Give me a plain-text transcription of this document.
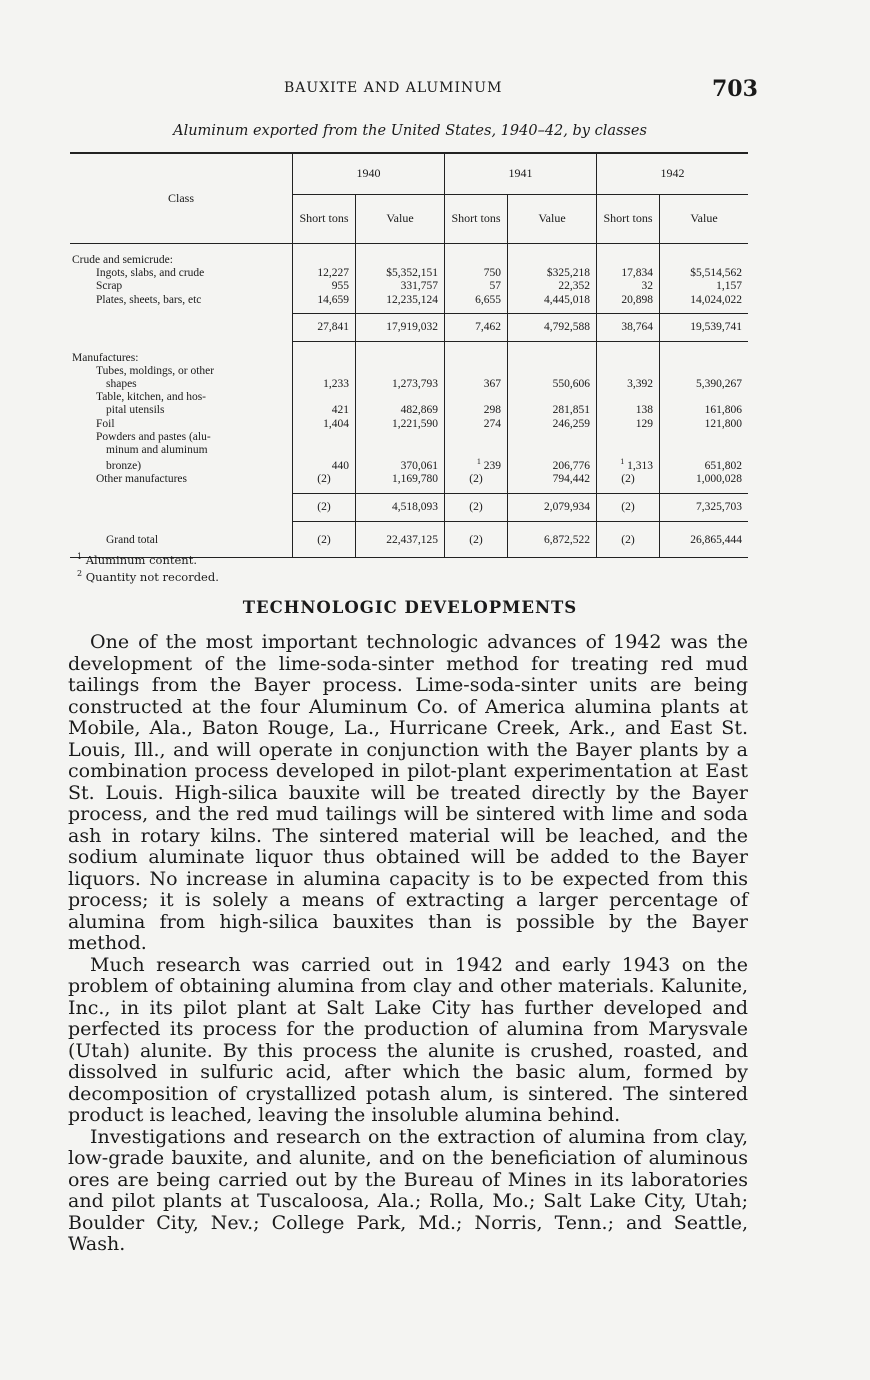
BAUXITE AND ALUMINUM	703
Aluminum exported from the United States, 1940–42, by classes
Class	1940		1941		1942	
	Short tons	Value	Short tons	Value	Short tons	Value
Crude and semicrude:						
Ingots, slabs, and crude	12,227	$5,352,151	750	$325,218	17,834	$5,514,562
Scrap	955	331,757	57	22,352	32	1,157
Plates, sheets, bars, etc	14,659	12,235,124	6,655	4,445,018	20,898	14,024,022

	27,841	17,919,032	7,462	4,792,588	38,764	19,539,741
Manufactures:						
Tubes, moldings, or other						
shapes	1,233	1,273,793	367	550,606	3,392	5,390,267
Table, kitchen, and hos-						
pital utensils	421	482,869	298	281,851	138	161,806
Foil	1,404	1,221,590	274	246,259	129	121,800
Powders and pastes (alu-						
minum and aluminum						
bronze)	440	370,061	$^1$ 239	206,776	$^1$ 1,313	651,802
Other manufactures	(2)	1,169,780	(2)	794,442	(2)	1,000,028

	(2)	4,518,093	(2)	2,079,934	(2)	7,325,703
Grand total	(2)	22,437,125	(2)	6,872,522	(2)	26,865,444
$^1$ Aluminum content.
$^2$ Quantity not recorded.
TECHNOLOGIC DEVELOPMENTS

One of the most important technologic advances of 1942 was the development of the lime-soda-sinter method for treating red mud tailings from the Bayer process. Lime-soda-sinter units are being constructed at the four Aluminum Co. of America alumina plants at Mobile, Ala., Baton Rouge, La., Hurricane Creek, Ark., and East St. Louis, Ill., and will operate in conjunction with the Bayer plants by a combination process developed in pilot-plant experimentation at East St. Louis. High-silica bauxite will be treated directly by the Bayer process, and the red mud tailings will be sintered with lime and soda ash in rotary kilns. The sintered material will be leached, and the sodium aluminate liquor thus obtained will be added to the Bayer liquors. No increase in alumina capacity is to be expected from this process; it is solely a means of extracting a larger percentage of alumina from high-silica bauxites than is possible by the Bayer method.

Much research was carried out in 1942 and early 1943 on the problem of obtaining alumina from clay and other materials. Kalunite, Inc., in its pilot plant at Salt Lake City has further developed and perfected its process for the production of alumina from Marysvale (Utah) alunite. By this process the alunite is crushed, roasted, and dissolved in sulfuric acid, after which the basic alum, formed by decomposition of crystallized potash alum, is sintered. The sintered product is leached, leaving the insoluble alumina behind.

Investigations and research on the extraction of alumina from clay, low-grade bauxite, and alunite, and on the beneficiation of aluminous ores are being carried out by the Bureau of Mines in its laboratories and pilot plants at Tuscaloosa, Ala.; Rolla, Mo.; Salt Lake City, Utah; Boulder City, Nev.; College Park, Md.; Norris, Tenn.; and Seattle, Wash.
